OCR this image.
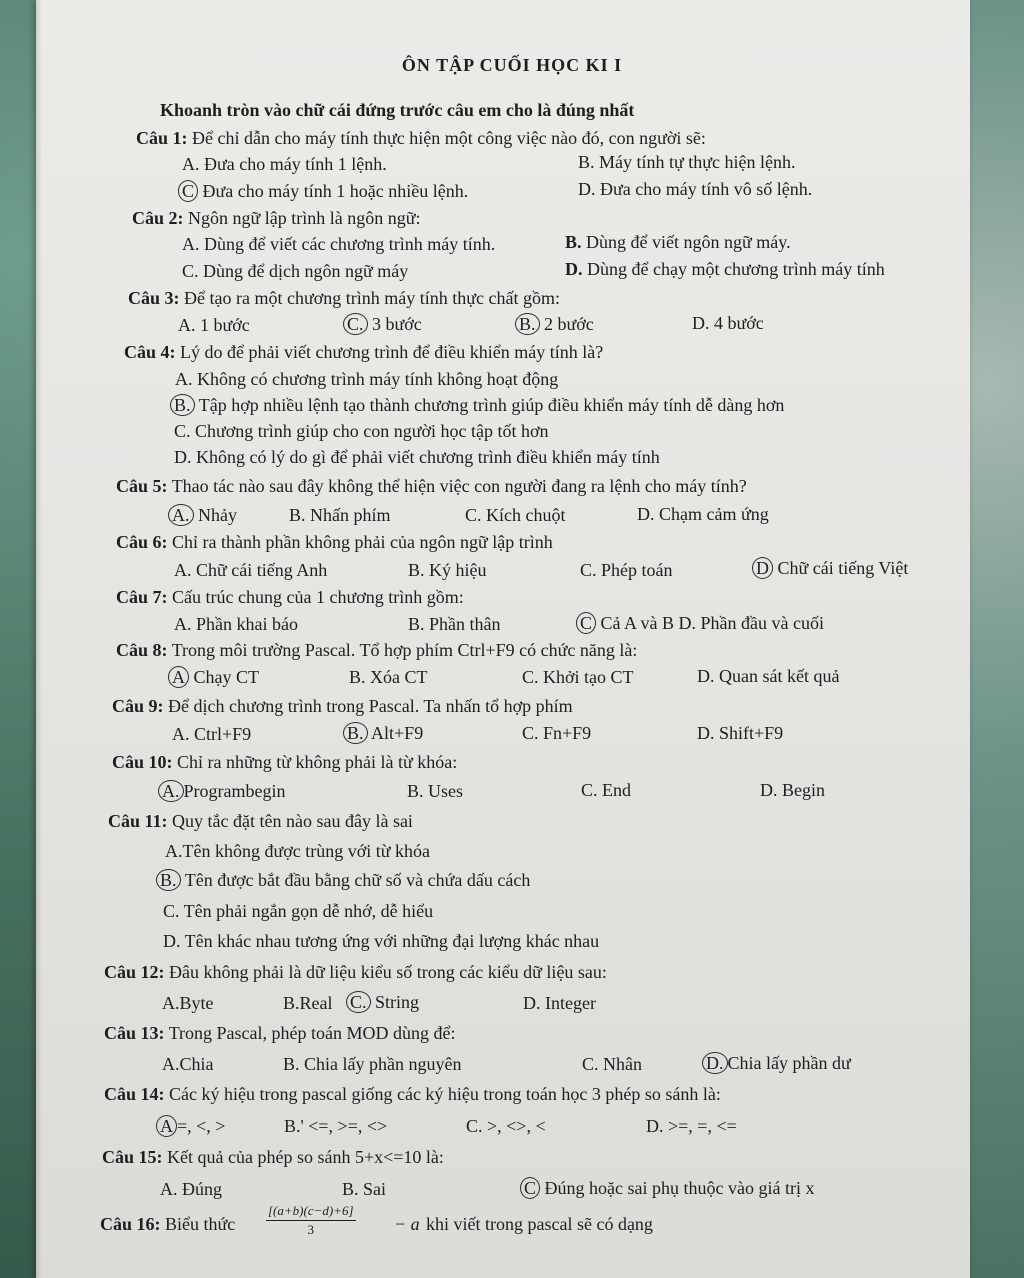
ÔN TẬP CUỐI HỌC KI I
Khoanh tròn vào chữ cái đứng trước câu em cho là đúng nhất
Câu 1: Để chỉ dẫn cho máy tính thực hiện một công việc nào đó, con người sẽ:
A. Đưa cho máy tính 1 lệnh.	B. Máy tính tự thực hiện lệnh.
C Đưa cho máy tính 1 hoặc nhiều lệnh.	D. Đưa cho máy tính vô số lệnh.
Câu 2: Ngôn ngữ lập trình là ngôn ngữ:
A. Dùng để viết các chương trình máy tính.	B. Dùng để viết ngôn ngữ máy.
C. Dùng để dịch ngôn ngữ máy	D. Dùng để chạy một chương trình máy tính
Câu 3: Để tạo ra một chương trình máy tính thực chất gồm:
A. 1 bước	C. 3 bước	B. 2 bước	D. 4 bước
Câu 4: Lý do để phải viết chương trình để điều khiển máy tính là?
A. Không có chương trình máy tính không hoạt động
B. Tập hợp nhiều lệnh tạo thành chương trình giúp điều khiển máy tính dễ dàng hơn
C. Chương trình giúp cho con người học tập tốt hơn
D. Không có lý do gì để phải viết chương trình điều khiển máy tính
Câu 5: Thao tác nào sau đây không thể hiện việc con người đang ra lệnh cho máy tính?
A. Nhảy	B. Nhấn phím	C. Kích chuột	D. Chạm cảm ứng
Câu 6: Chỉ ra thành phần không phải của ngôn ngữ lập trình
A. Chữ cái tiếng Anh	B. Ký hiệu	C. Phép toán	D Chữ cái tiếng Việt
Câu 7: Cấu trúc chung của 1 chương trình gồm:
A. Phần khai báo	B. Phần thân	C Cả A và B D. Phần đầu và cuối
Câu 8: Trong môi trường Pascal. Tổ hợp phím Ctrl+F9 có chức năng là:
A Chạy CT	B. Xóa CT	C. Khởi tạo CT	D. Quan sát kết quả
Câu 9: Để dịch chương trình trong Pascal. Ta nhấn tổ hợp phím
A. Ctrl+F9	B. Alt+F9	C. Fn+F9	D. Shift+F9
Câu 10: Chỉ ra những từ không phải là từ khóa:
A. Programbegin	B. Uses	C. End	D. Begin
Câu 11: Quy tắc đặt tên nào sau đây là sai
A.Tên không được trùng với từ khóa
B. Tên được bắt đầu bằng chữ số và chứa dấu cách
C. Tên phải ngắn gọn dễ nhớ, dễ hiểu
D. Tên khác nhau tương ứng với những đại lượng khác nhau
Câu 12: Đâu không phải là dữ liệu kiểu số trong các kiểu dữ liệu sau:
A.Byte	B.Real C. String	D. Integer
Câu 13: Trong Pascal, phép toán MOD dùng để:
A.Chia	B. Chia lấy phần nguyên	C. Nhân	D. Chia lấy phần dư
Câu 14: Các ký hiệu trong pascal giống các ký hiệu trong toán học 3 phép so sánh là:
A =, <, >	B.' <=, >=, <>	C. >, <>, <	D. >=, =, <=
Câu 15: Kết quả của phép so sánh 5+x<=10 là:
A. Đúng	B. Sai	C Đúng hoặc sai phụ thuộc vào giá trị x
Câu 16: Biểu thức $\frac{[(a+b)(c-d)+6]}{3} - a$ khi viết trong pascal sẽ có dạng
